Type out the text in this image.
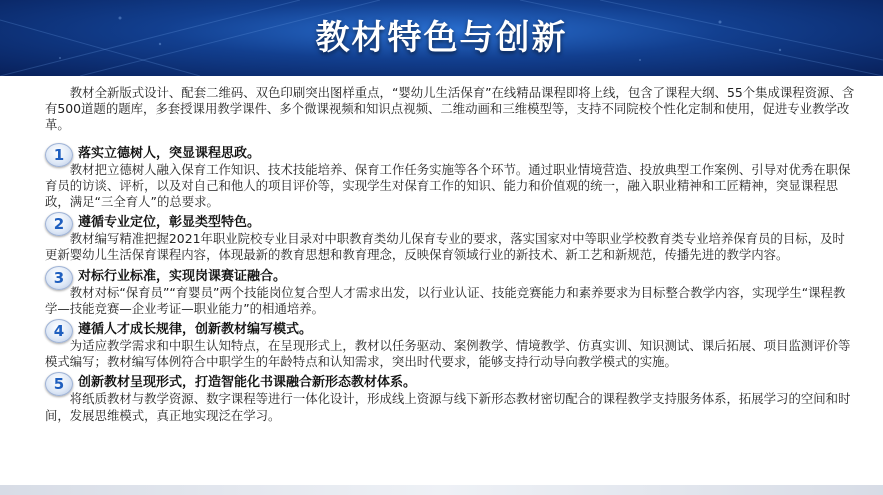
教材特色与创新

教材全新版式设计、配套二维码、双色印刷突出图样重点，“婴幼儿生活保育”在线精品课程即将上线，包含了课程大纲、55个集成课程资源、含有500道题的题库，多套授课用教学课件、多个微课视频和知识点视频、二维动画和三维模型等，支持不同院校个性化定制和使用，促进专业教学改革。

1	落实立德树人，突显课程思政。

教材把立德树人融入保育工作知识、技术技能培养、保育工作任务实施等各个环节。通过职业情境营造、投放典型工作案例、引导对优秀在职保育员的访谈、评析，以及对自己和他人的项目评价等，实现学生对保育工作的知识、能力和价值观的统一，融入职业精神和工匠精神，突显课程思政，满足“三全育人”的总要求。

2	遵循专业定位，彰显类型特色。

教材编写精准把握2021年职业院校专业目录对中职教育类幼儿保育专业的要求，落实国家对中等职业学校教育类专业培养保育员的目标，及时更新婴幼儿生活保育课程内容，体现最新的教育思想和教育理念，反映保育领域行业的新技术、新工艺和新规范，传播先进的教学内容。

3	对标行业标准，实现岗课赛证融合。

教材对标“保育员”“育婴员”两个技能岗位复合型人才需求出发，以行业认证、技能竞赛能力和素养要求为目标整合教学内容，实现学生“课程教学—技能竞赛—企业考证—职业能力”的相通培养。

4	遵循人才成长规律，创新教材编写模式。

为适应教学需求和中职生认知特点，在呈现形式上，教材以任务驱动、案例教学、情境教学、仿真实训、知识测试、课后拓展、项目监测评价等模式编写；教材编写体例符合中职学生的年龄特点和认知需求，突出时代要求，能够支持行动导向教学模式的实施。

5	创新教材呈现形式，打造智能化书课融合新形态教材体系。

将纸质教材与教学资源、数字课程等进行一体化设计，形成线上资源与线下新形态教材密切配合的课程教学支持服务体系，拓展学习的空间和时间，发展思维模式，真正地实现泛在学习。
